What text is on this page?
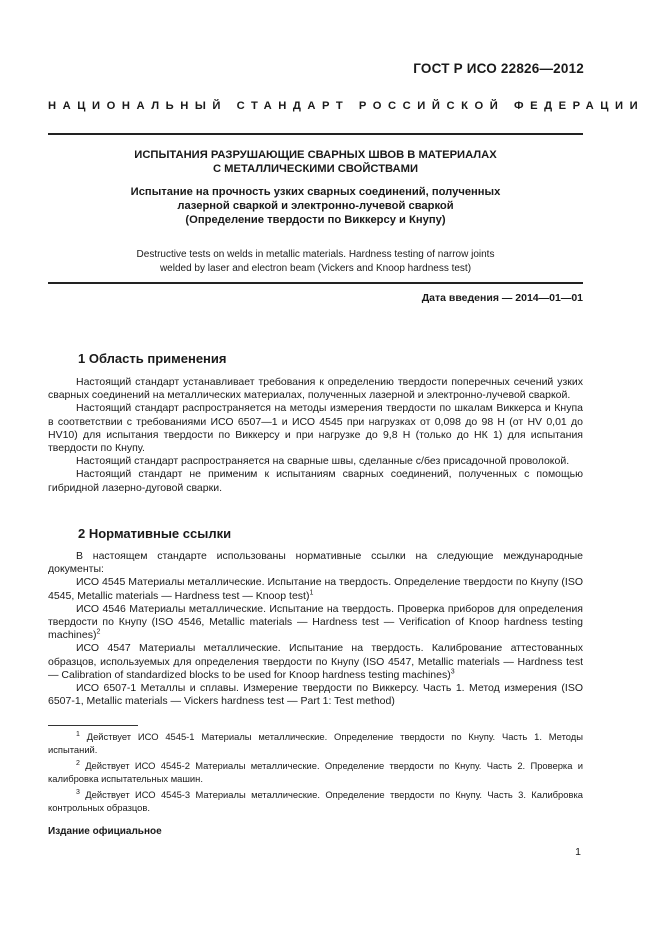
ГОСТ Р ИСО 22826—2012
НАЦИОНАЛЬНЫЙ СТАНДАРТ РОССИЙСКОЙ ФЕДЕРАЦИИ
ИСПЫТАНИЯ РАЗРУШАЮЩИЕ СВАРНЫХ ШВОВ В МАТЕРИАЛАХ
С МЕТАЛЛИЧЕСКИМИ СВОЙСТВАМИ
Испытание на прочность узких сварных соединений, полученных
лазерной сваркой и электронно-лучевой сваркой
(Определение твердости по Виккерсу и Кнупу)
Destructive tests on welds in metallic materials. Hardness testing of narrow joints
welded by laser and electron beam (Vickers and Knoop hardness test)
Дата введения — 2014—01—01
1 Область применения

Настоящий стандарт устанавливает требования к определению твердости поперечных сечений узких сварных соединений на металлических материалах, полученных лазерной и электронно-лучевой сваркой.

Настоящий стандарт распространяется на методы измерения твердости по шкалам Виккерса и Кнупа в соответствии с требованиями ИСО 6507—1 и ИСО 4545 при нагрузках от 0,098 до 98 Н (от HV 0,01 до HV10) для испытания твердости по Виккерсу и при нагрузке до 9,8 Н (только до НК 1) для испытания твердости по Кнупу.

Настоящий стандарт распространяется на сварные швы, сделанные с/без присадочной проволокой.

Настоящий стандарт не применим к испытаниям сварных соединений, полученных с помощью гибридной лазерно-дуговой сварки.

2 Нормативные ссылки

В настоящем стандарте использованы нормативные ссылки на следующие международные документы:

ИСО 4545 Материалы металлические. Испытание на твердость. Определение твердости по Кнупу (ISO 4545, Metallic materials — Hardness test — Knoop test)$^1$

ИСО 4546 Материалы металлические. Испытание на твердость. Проверка приборов для определения твердости по Кнупу (ISO 4546, Metallic materials — Hardness test — Verification of Knoop hardness testing machines)$^2$

ИСО 4547 Материалы металлические. Испытание на твердость. Калибрование аттестованных образцов, используемых для определения твердости по Кнупу (ISO 4547, Metallic materials — Hardness test — Calibration of standardized blocks to be used for Knoop hardness testing machines)$^3$

ИСО 6507-1 Металлы и сплавы. Измерение твердости по Виккерсу. Часть 1. Метод измерения (ISO 6507-1, Metallic materials — Vickers hardness test — Part 1: Test method)

$^1$ Действует ИСО 4545-1 Материалы металлические. Определение твердости по Кнупу. Часть 1. Методы испытаний.

$^2$ Действует ИСО 4545-2 Материалы металлические. Определение твердости по Кнупу. Часть 2. Проверка и калибровка испытательных машин.

$^3$ Действует ИСО 4545-3 Материалы металлические. Определение твердости по Кнупу. Часть 3. Калибровка контрольных образцов.

Издание официальное
1
